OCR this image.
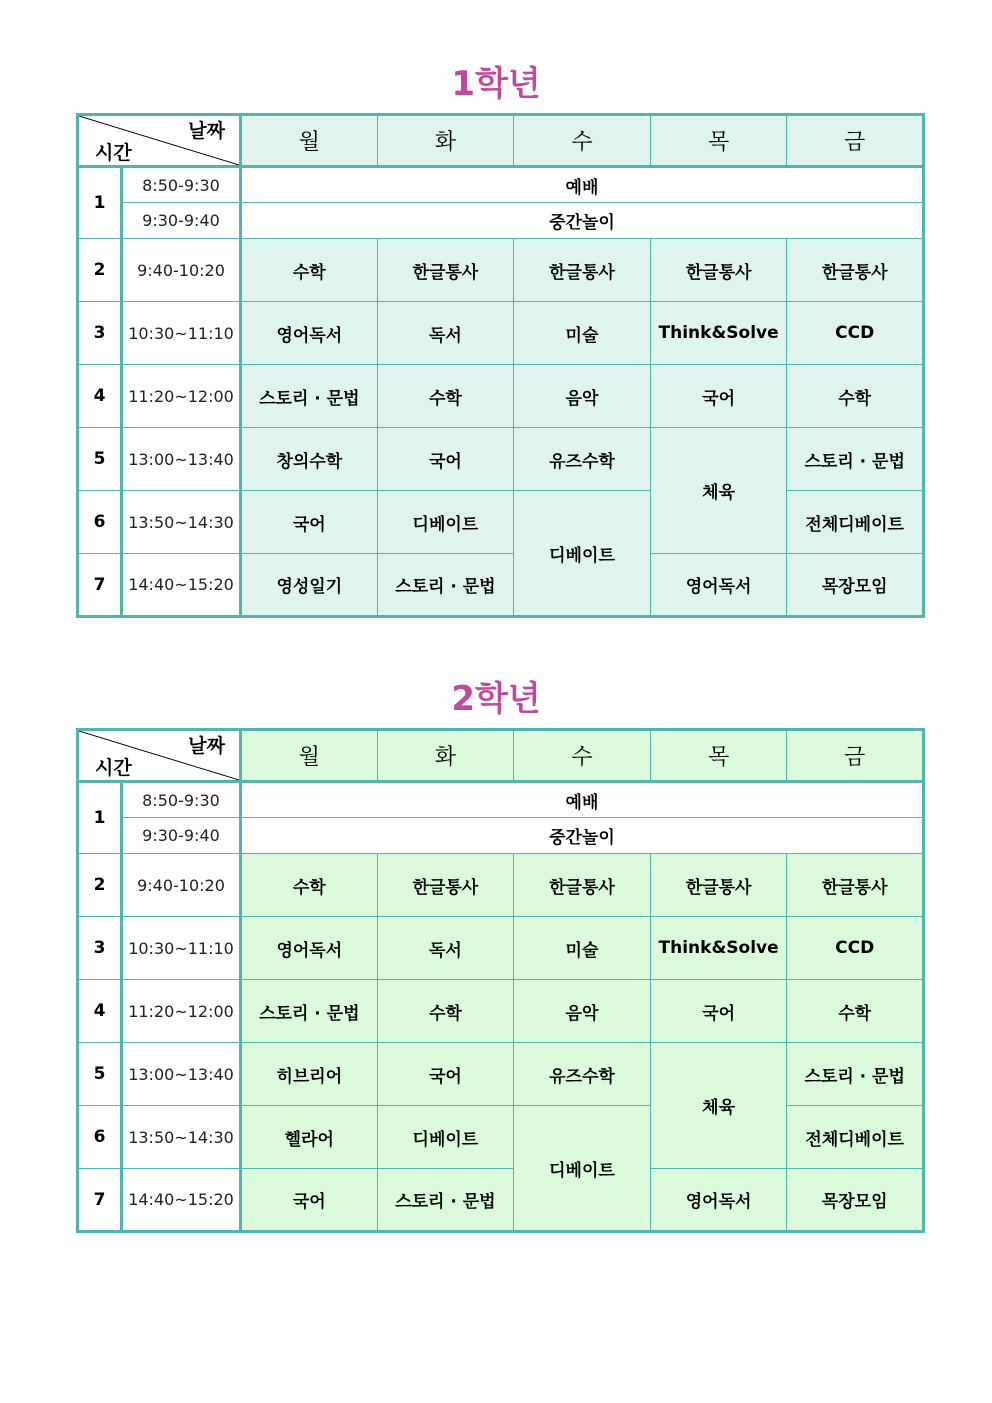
1학년
날짜
시간		월	화	수	목	금
1	8:50-9:30	예배				
	9:30-9:40	중간놀이				
2	9:40-10:20	수학	한글통사	한글통사	한글통사	한글통사
3	10:30~11:10	영어독서	독서	미술	Think&Solve	CCD
4	11:20~12:00	스토리 · 문법	수학	음악	국어	수학
5	13:00~13:40	창의수학	국어	유즈수학	체육	스토리 · 문법
6	13:50~14:30	국어	디베이트	디베이트		전체디베이트
7	14:40~15:20	영성일기	스토리 · 문법		영어독서	목장모임
2학년
날짜
시간		월	화	수	목	금
1	8:50-9:30	예배				
	9:30-9:40	중간놀이				
2	9:40-10:20	수학	한글통사	한글통사	한글통사	한글통사
3	10:30~11:10	영어독서	독서	미술	Think&Solve	CCD
4	11:20~12:00	스토리 · 문법	수학	음악	국어	수학
5	13:00~13:40	히브리어	국어	유즈수학	체육	스토리 · 문법
6	13:50~14:30	헬라어	디베이트	디베이트		전체디베이트
7	14:40~15:20	국어	스토리 · 문법		영어독서	목장모임
